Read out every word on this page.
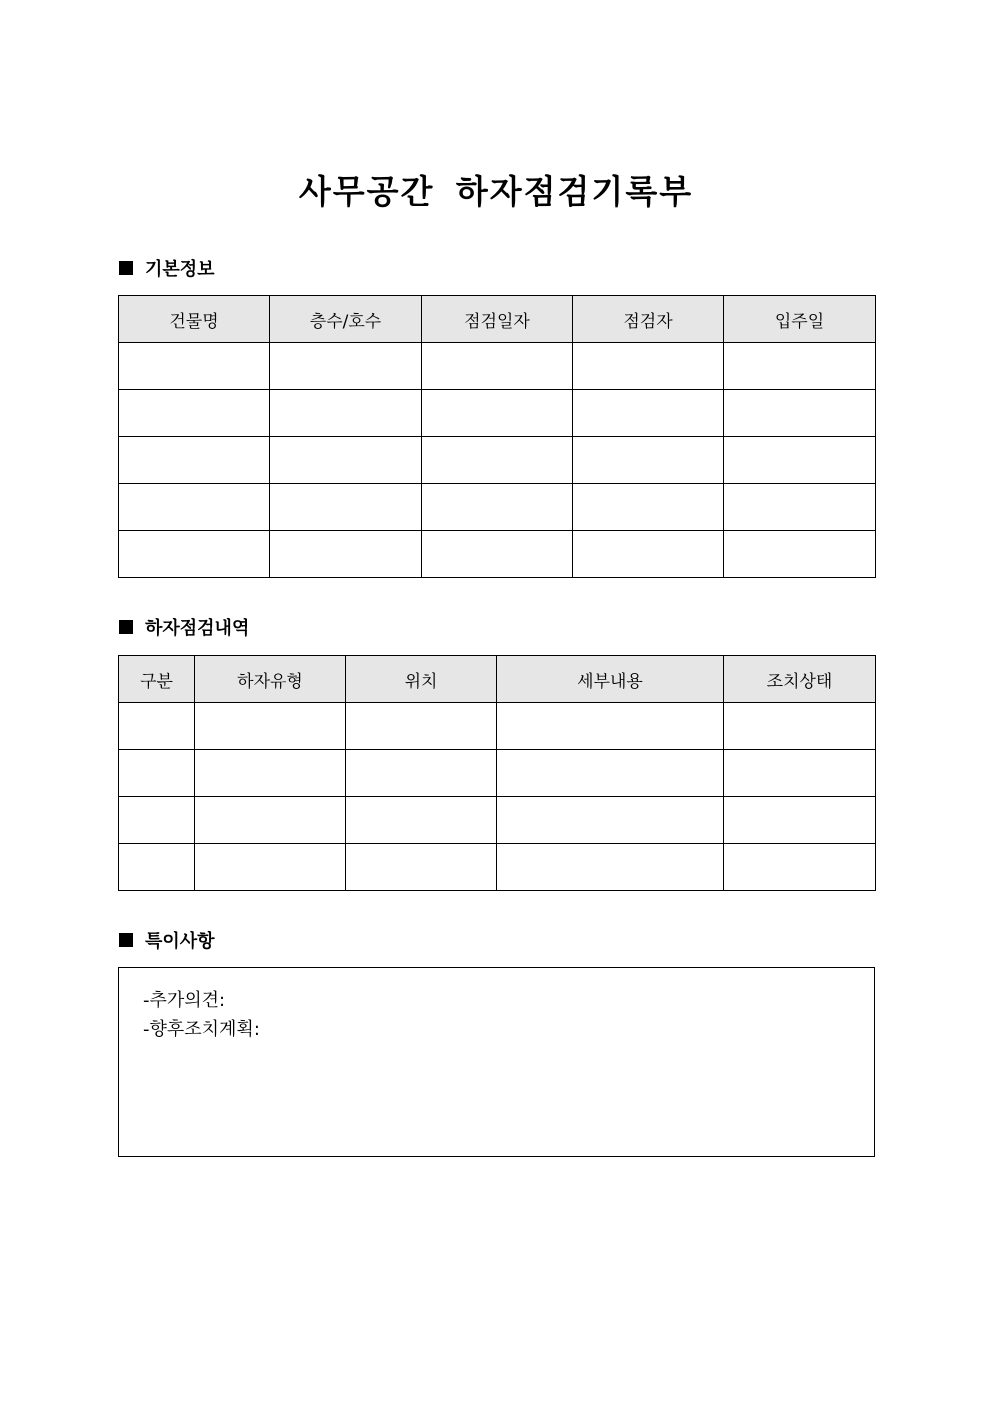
사무공간 하자점검기록부
기본정보
건물명	층수/호수	점검일자	점검자	입주일

하자점검내역
구분	하자유형	위치	세부내용	조치상태

특이사항
-추가의견:
-향후조치계획:
